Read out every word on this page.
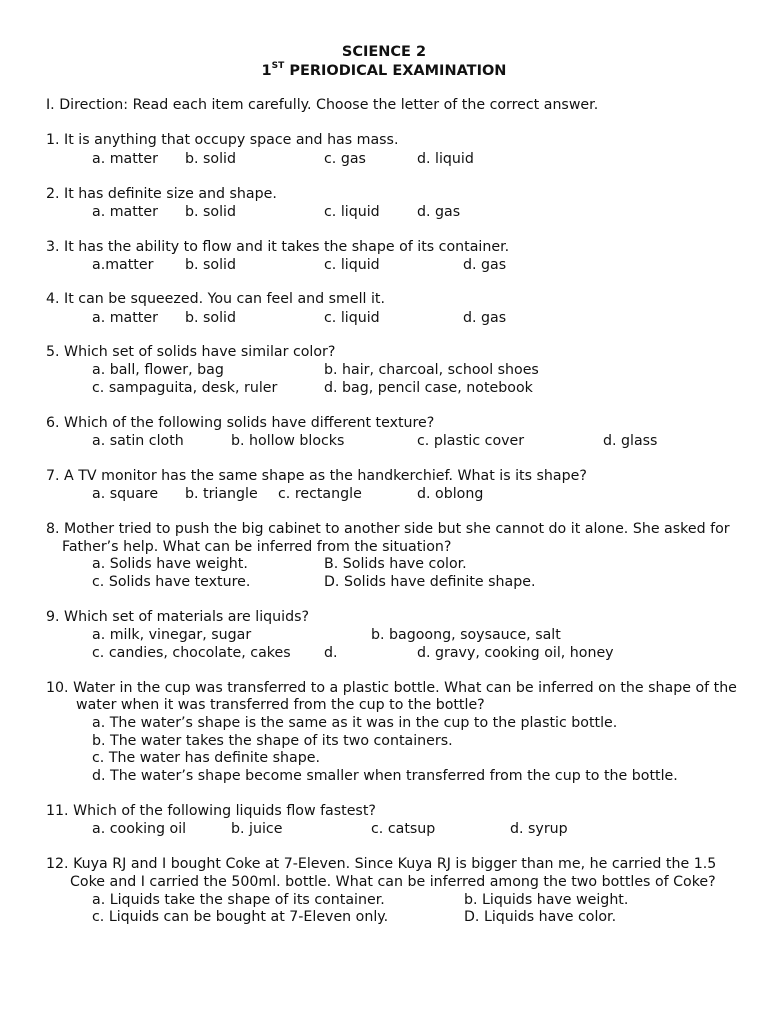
SCIENCE 2
1ST PERIODICAL EXAMINATION
I. Direction: Read each item carefully. Choose the letter of the correct answer.
1. It is anything that occupy space and has mass.
a. matter b. solid	c. gas	d. liquid
2. It has definite size and shape.
a. matter b. solid	c. liquid	d. gas
3. It has the ability to flow and it takes the shape of its container.
a.matter b. solid	c. liquid	d. gas
4. It can be squeezed. You can feel and smell it.
a. matter b. solid	c. liquid	d. gas
5. Which set of solids have similar color?
a. ball, flower, bag	b. hair, charcoal, school shoes
c. sampaguita, desk, ruler	d. bag, pencil case, notebook
6. Which of the following solids have different texture?
a. satin cloth	b. hollow blocks	c. plastic cover	d. glass
7. A TV monitor has the same shape as the handkerchief. What is its shape?
a. square b. triangle c. rectangle	d. oblong
8. Mother tried to push the big cabinet to another side but she cannot do it alone. She asked for
Father’s help. What can be inferred from the situation?
a. Solids have weight.	B. Solids have color.
c. Solids have texture.	D. Solids have definite shape.
9. Which set of materials are liquids?
a. milk, vinegar, sugar	b. bagoong, soysauce, salt
c. candies, chocolate, cakes d.	d. gravy, cooking oil, honey
10. Water in the cup was transferred to a plastic bottle. What can be inferred on the shape of the
water when it was transferred from the cup to the bottle?
a. The water’s shape is the same as it was in the cup to the plastic bottle.
b. The water takes the shape of its two containers.
c. The water has definite shape.
d. The water’s shape become smaller when transferred from the cup to the bottle.
11. Which of the following liquids flow fastest?
a. cooking oil	b. juice	c. catsup	d. syrup
12. Kuya RJ and I bought Coke at 7-Eleven. Since Kuya RJ is bigger than me, he carried the 1.5
Coke and I carried the 500ml. bottle. What can be inferred among the two bottles of Coke?
a. Liquids take the shape of its container.	b. Liquids have weight.
c. Liquids can be bought at 7-Eleven only.	D. Liquids have color.
